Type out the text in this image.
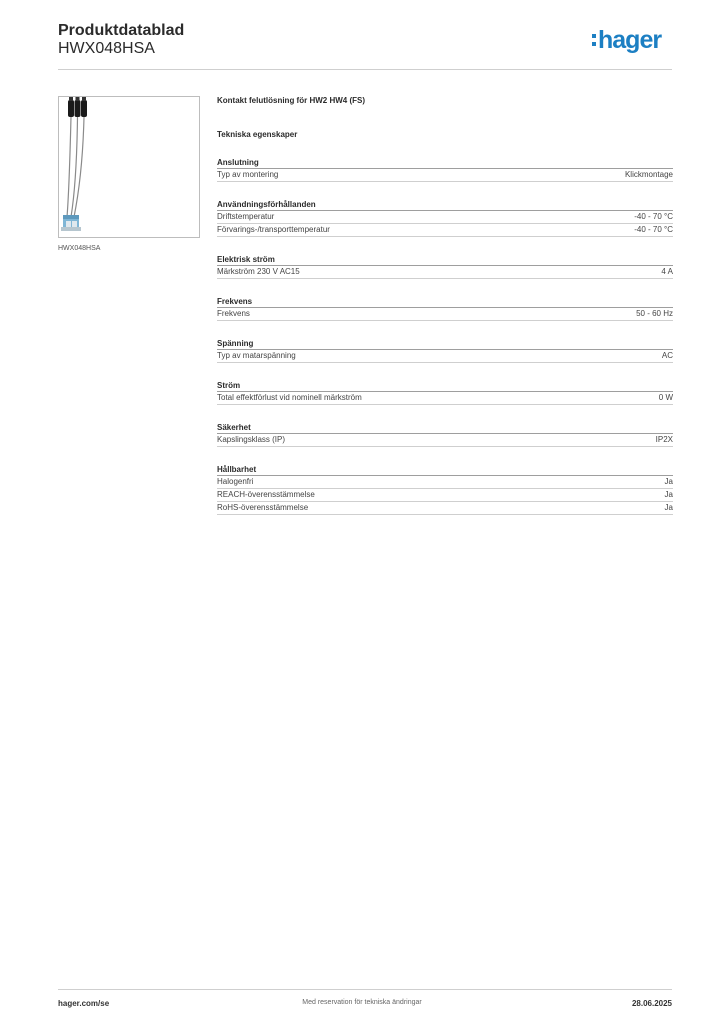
Produktdatablad
HWX048HSA	hager
HWX048HSA
Kontakt felutlösning för HW2 HW4 (FS)
Tekniska egenskaper
Anslutning
Typ av montering	Klickmontage
Användningsförhållanden
Driftstemperatur	-40 - 70 °C
Förvarings-/transporttemperatur	-40 - 70 °C
Elektrisk ström
Märkström 230 V AC15	4 A
Frekvens
Frekvens	50 - 60 Hz
Spänning
Typ av matarspänning	AC
Ström
Total effektförlust vid nominell märkström	0 W
Säkerhet
Kapslingsklass (IP)	IP2X
Hållbarhet
Halogenfri	Ja
REACH-överensstämmelse	Ja
RoHS-överensstämmelse	Ja
hager.com/se	Med reservation för tekniska ändringar	28.06.2025
